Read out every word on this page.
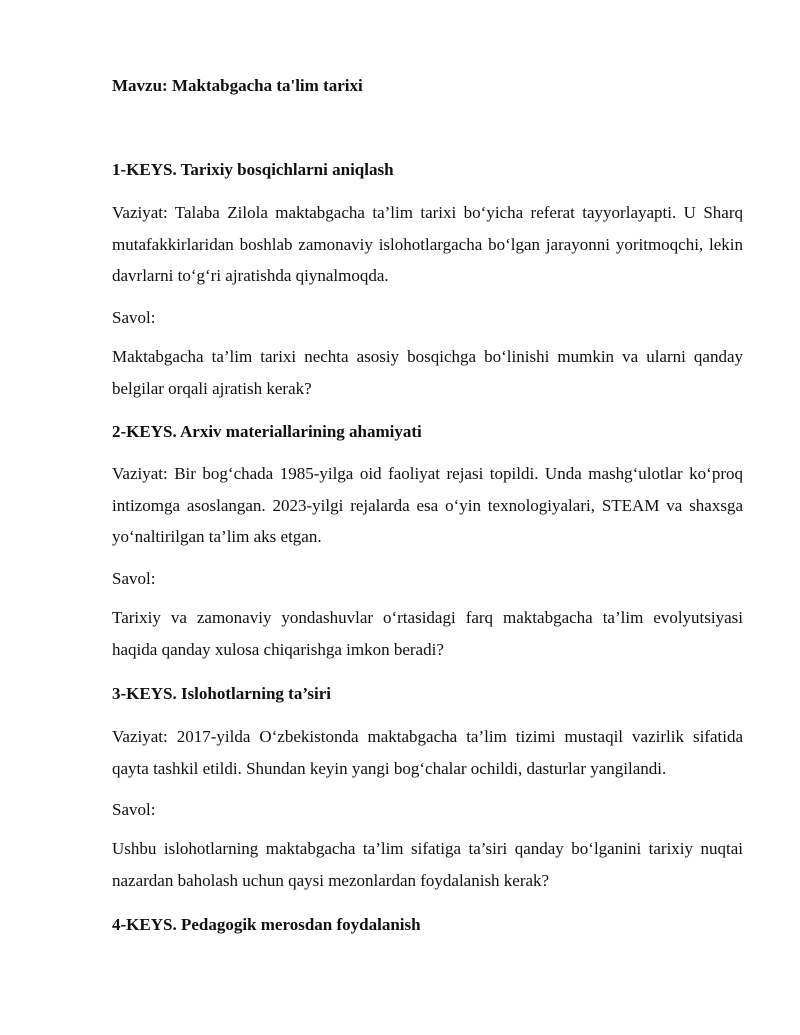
Mavzu: Maktabgacha ta'lim tarixi
1-KEYS. Tarixiy bosqichlarni aniqlash

Vaziyat: Talaba Zilola maktabgacha ta’lim tarixi bo‘yicha referat tayyorlayapti. U Sharq mutafakkirlaridan boshlab zamonaviy islohotlargacha bo‘lgan jarayonni yoritmoqchi, lekin davrlarni to‘g‘ri ajratishda qiynalmoqda.

Savol:

Maktabgacha ta’lim tarixi nechta asosiy bosqichga bo‘linishi mumkin va ularni qanday belgilar orqali ajratish kerak?

2-KEYS. Arxiv materiallarining ahamiyati

Vaziyat: Bir bog‘chada 1985-yilga oid faoliyat rejasi topildi. Unda mashg‘ulotlar ko‘proq intizomga asoslangan. 2023-yilgi rejalarda esa o‘yin texnologiyalari, STEAM va shaxsga yo‘naltirilgan ta’lim aks etgan.

Savol:

Tarixiy va zamonaviy yondashuvlar o‘rtasidagi farq maktabgacha ta’lim evolyutsiyasi haqida qanday xulosa chiqarishga imkon beradi?

3-KEYS. Islohotlarning ta’siri

Vaziyat: 2017-yilda O‘zbekistonda maktabgacha ta’lim tizimi mustaqil vazirlik sifatida qayta tashkil etildi. Shundan keyin yangi bog‘chalar ochildi, dasturlar yangilandi.

Savol:

Ushbu islohotlarning maktabgacha ta’lim sifatiga ta’siri qanday bo‘lganini tarixiy nuqtai nazardan baholash uchun qaysi mezonlardan foydalanish kerak?

4-KEYS. Pedagogik merosdan foydalanish
